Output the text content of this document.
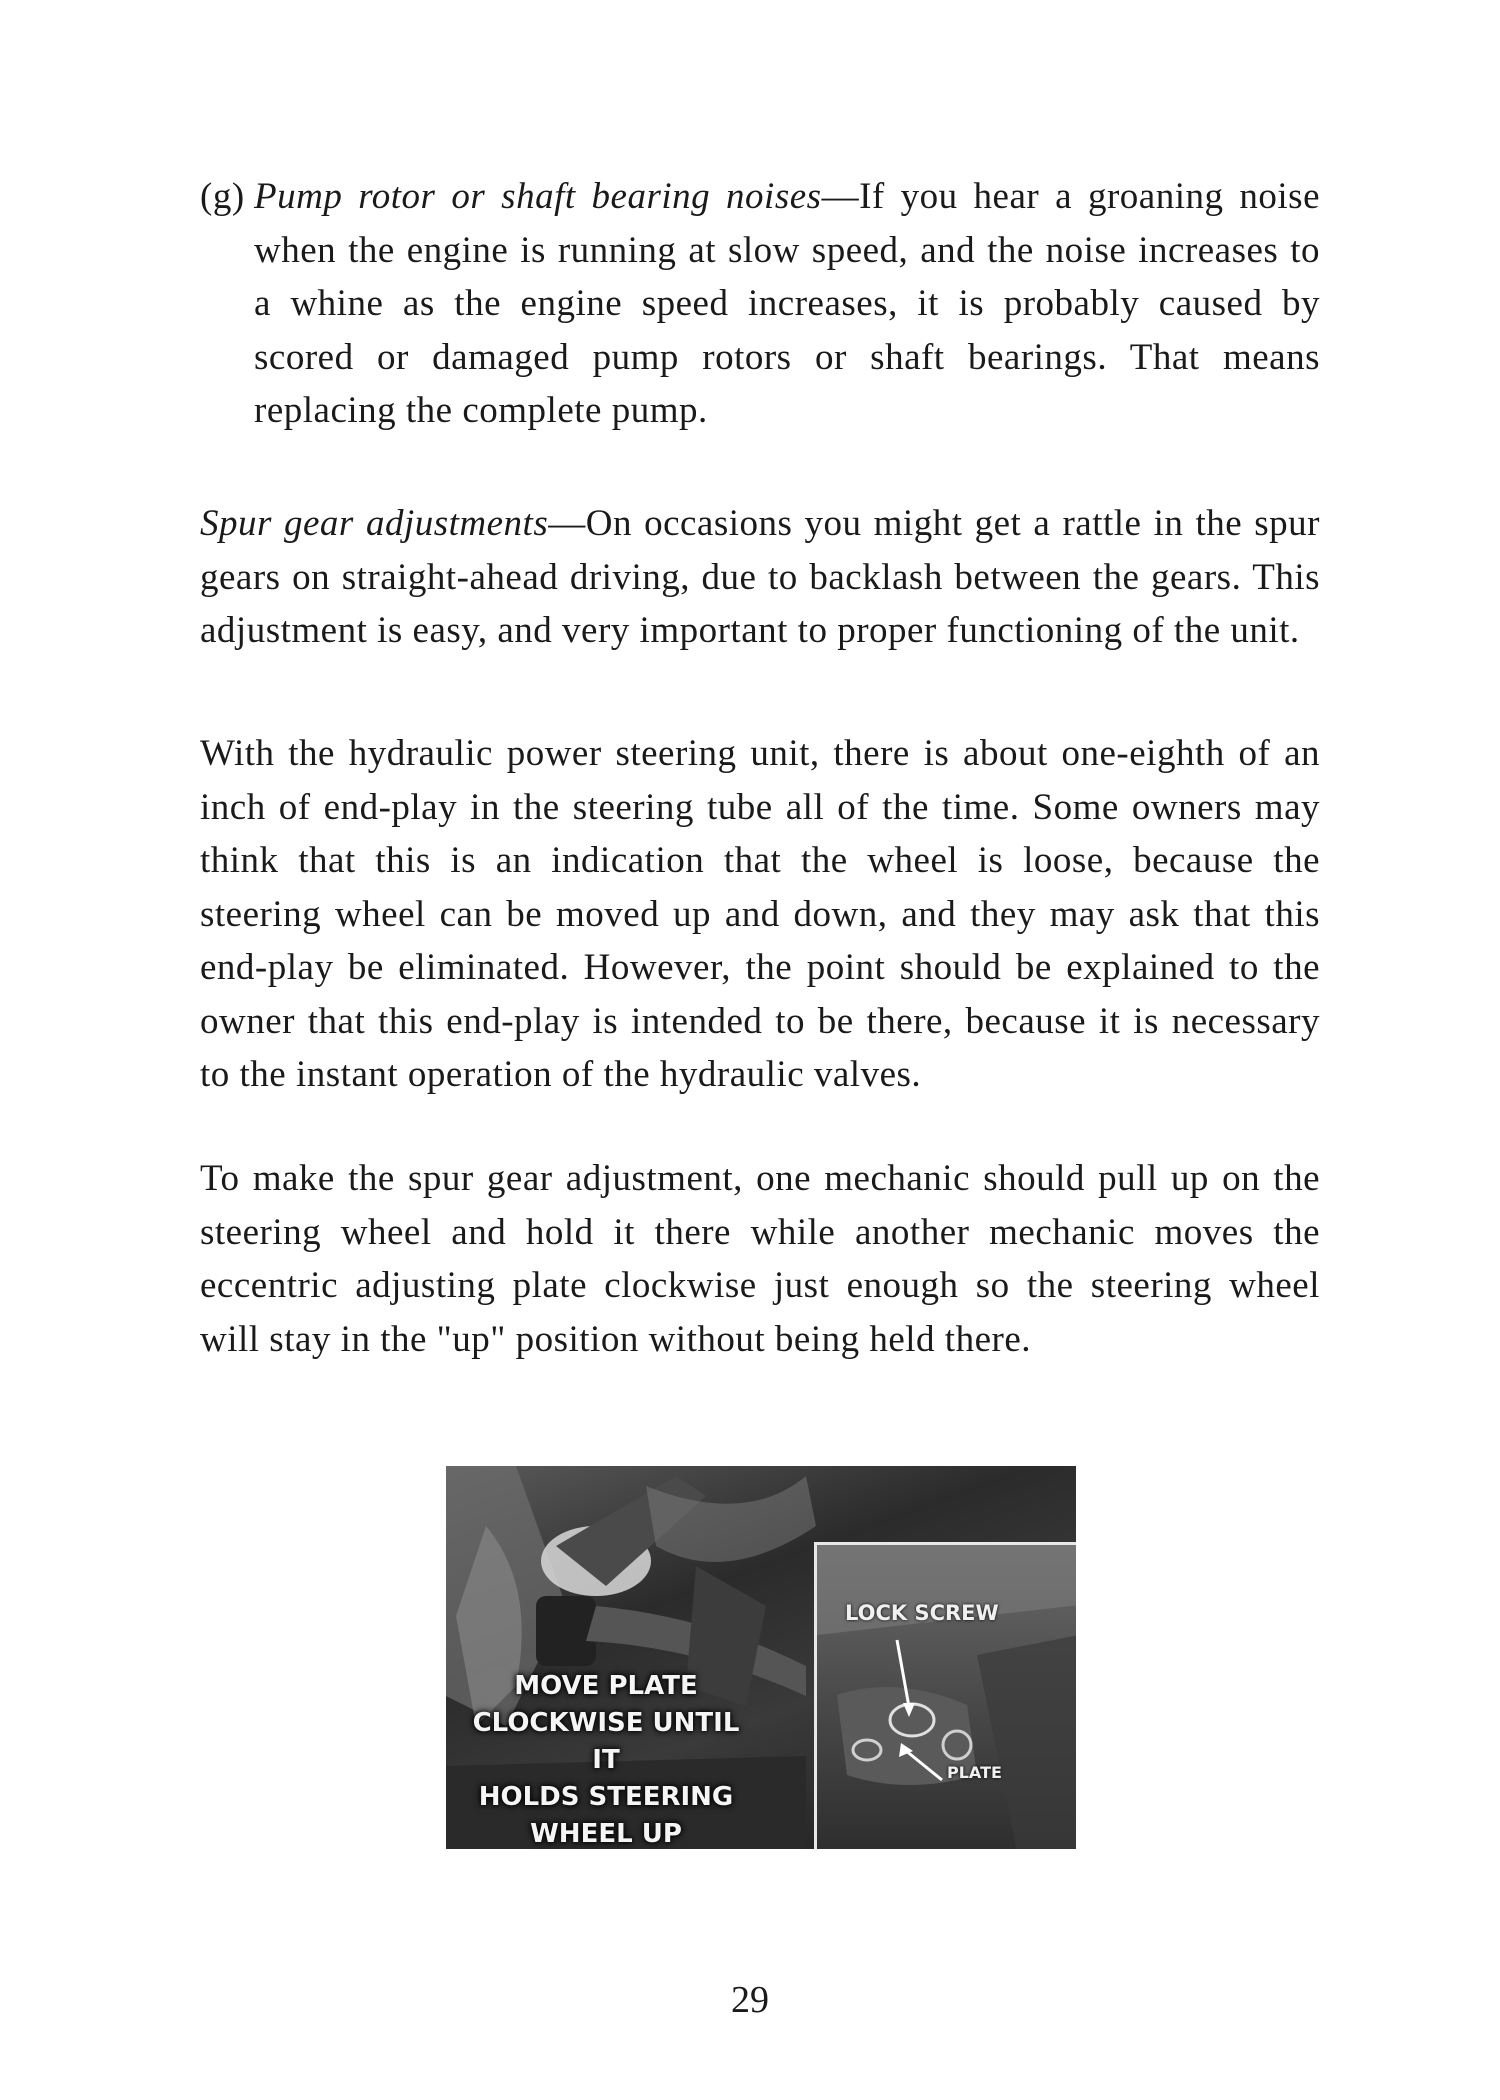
(g) Pump rotor or shaft bearing noises—If you hear a groaning noise when the engine is running at slow speed, and the noise increases to a whine as the engine speed increases, it is probably caused by scored or damaged pump rotors or shaft bearings. That means replacing the complete pump.

Spur gear adjustments—On occasions you might get a rattle in the spur gears on straight-ahead driving, due to backlash between the gears. This adjustment is easy, and very important to proper functioning of the unit.

With the hydraulic power steering unit, there is about one-eighth of an inch of end-play in the steering tube all of the time. Some owners may think that this is an indication that the wheel is loose, because the steering wheel can be moved up and down, and they may ask that this end-play be eliminated. However, the point should be explained to the owner that this end-play is intended to be there, because it is necessary to the instant operation of the hydraulic valves.

To make the spur gear adjustment, one mechanic should pull up on the steering wheel and hold it there while another mechanic moves the eccentric adjusting plate clockwise just enough so the steering wheel will stay in the "up" position without being held there.

MOVE PLATE
CLOCKWISE UNTIL IT
HOLDS STEERING
WHEEL UP
LOCK SCREW
PLATE
29
